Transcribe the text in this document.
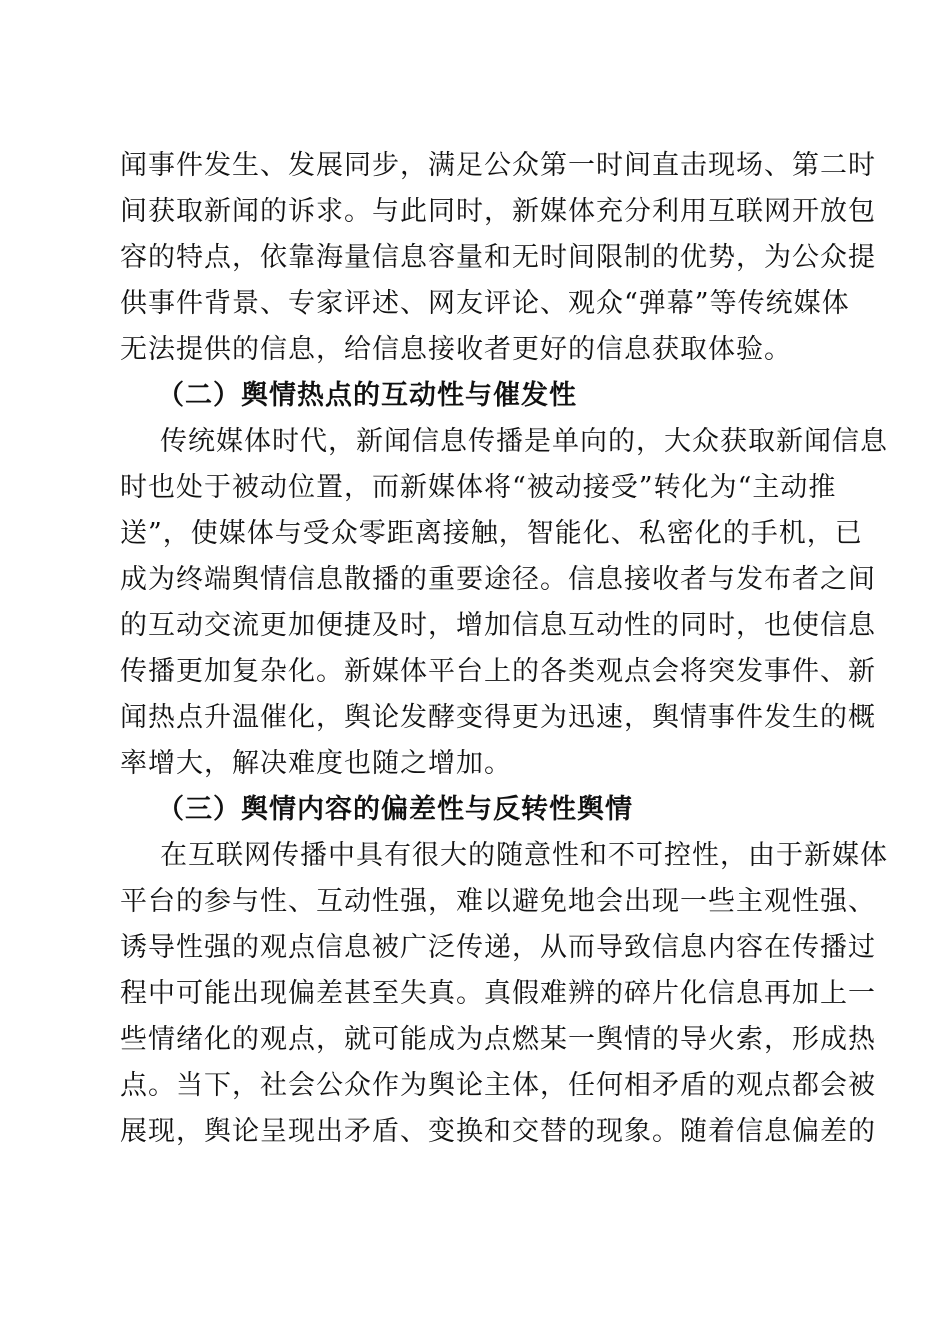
闻事件发生、发展同步，满足公众第一时间直击现场、第二时
间获取新闻的诉求。与此同时，新媒体充分利用互联网开放包
容的特点，依靠海量信息容量和无时间限制的优势，为公众提
供事件背景、专家评述、网友评论、观众“弹幕”等传统媒体
无法提供的信息，给信息接收者更好的信息获取体验。
（二）舆情热点的互动性与催发性
传统媒体时代，新闻信息传播是单向的，大众获取新闻信息
时也处于被动位置，而新媒体将“被动接受”转化为“主动推
送”，使媒体与受众零距离接触，智能化、私密化的手机，已
成为终端舆情信息散播的重要途径。信息接收者与发布者之间
的互动交流更加便捷及时，增加信息互动性的同时，也使信息
传播更加复杂化。新媒体平台上的各类观点会将突发事件、新
闻热点升温催化，舆论发酵变得更为迅速，舆情事件发生的概
率增大，解决难度也随之增加。
（三）舆情内容的偏差性与反转性舆情
在互联网传播中具有很大的随意性和不可控性，由于新媒体
平台的参与性、互动性强，难以避免地会出现一些主观性强、
诱导性强的观点信息被广泛传递，从而导致信息内容在传播过
程中可能出现偏差甚至失真。真假难辨的碎片化信息再加上一
些情绪化的观点，就可能成为点燃某一舆情的导火索，形成热
点。当下，社会公众作为舆论主体，任何相矛盾的观点都会被
展现，舆论呈现出矛盾、变换和交替的现象。随着信息偏差的
